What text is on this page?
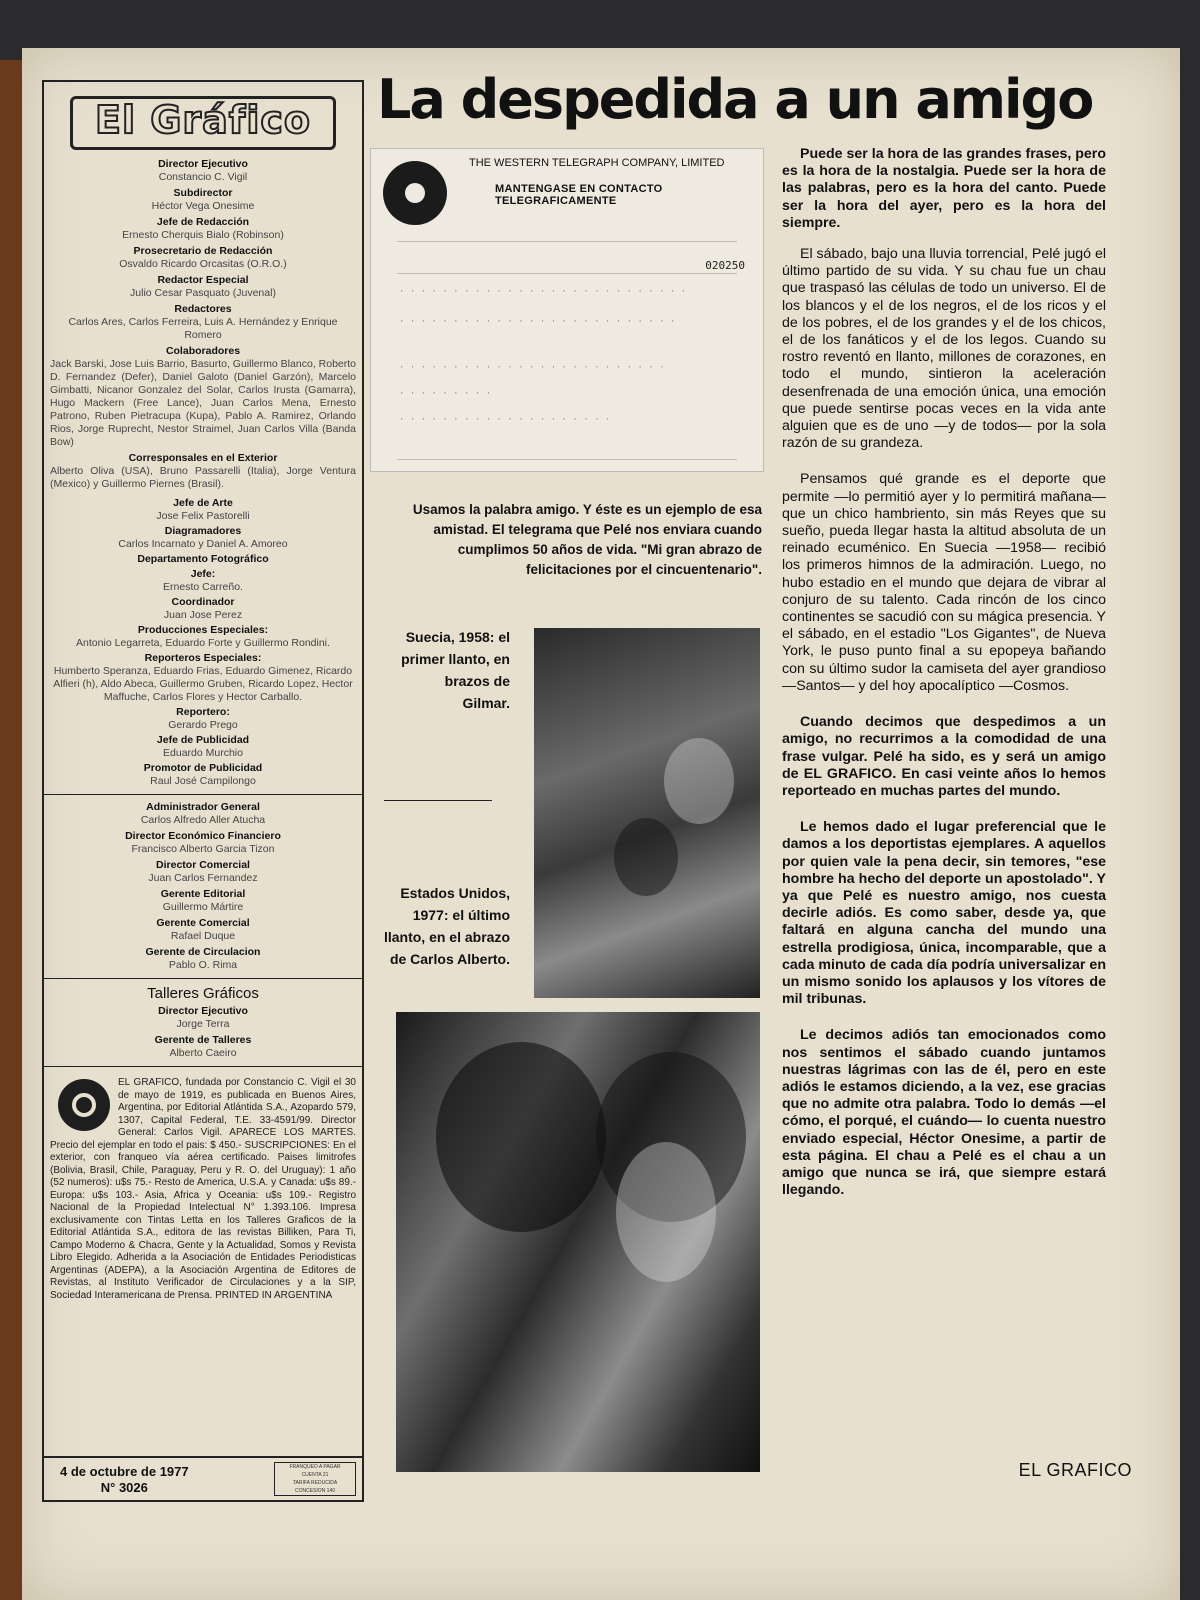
El Gráfico
Director Ejecutivo
Constancio C. Vigil
Subdirector
Héctor Vega Onesime
Jefe de Redacción
Ernesto Cherquis Bialo (Robinson)
Prosecretario de Redacción
Osvaldo Ricardo Orcasitas (O.R.O.)
Redactor Especial
Julio Cesar Pasquato (Juvenal)
Redactores
Carlos Ares, Carlos Ferreira, Luis A. Hernández y Enrique Romero
Colaboradores
Jack Barski, Jose Luis Barrio, Basurto, Guillermo Blanco, Roberto D. Fernandez (Defer), Daniel Galoto (Daniel Garzón), Marcelo Gimbatti, Nicanor Gonzalez del Solar, Carlos Irusta (Gamarra), Hugo Mackern (Free Lance), Juan Carlos Mena, Ernesto Patrono, Ruben Pietracupa (Kupa), Pablo A. Ramirez, Orlando Rios, Jorge Ruprecht, Nestor Straimel, Juan Carlos Villa (Banda Bow)
Corresponsales en el Exterior
Alberto Oliva (USA), Bruno Passarelli (Italia), Jorge Ventura (Mexico) y Guillermo Piernes (Brasil).
Jefe de Arte
Jose Felix Pastorelli
Diagramadores
Carlos Incarnato y Daniel A. Amoreo
Departamento Fotográfico
Jefe:
Ernesto Carreño.
Coordinador
Juan Jose Perez
Producciones Especiales:
Antonio Legarreta, Eduardo Forte y Guillermo Rondini.
Reporteros Especiales:
Humberto Speranza, Eduardo Frias, Eduardo Gimenez, Ricardo Alfieri (h), Aldo Abeca, Guillermo Gruben, Ricardo Lopez, Hector Maffuche, Carlos Flores y Hector Carballo.
Reportero:
Gerardo Prego
Jefe de Publicidad
Eduardo Murchio
Promotor de Publicidad
Raul José Campilongo
Administrador General
Carlos Alfredo Aller Atucha
Director Económico Financiero
Francisco Alberto Garcia Tizon
Director Comercial
Juan Carlos Fernandez
Gerente Editorial
Guillermo Mártire
Gerente Comercial
Rafael Duque
Gerente de Circulacion
Pablo O. Rima
Talleres Gráficos
Director Ejecutivo
Jorge Terra
Gerente de Talleres
Alberto Caeiro
EL GRAFICO, fundada por Constancio C. Vigil el 30 de mayo de 1919, es publicada en Buenos Aires, Argentina, por Editorial Atlántida S.A., Azopardo 579, 1307, Capital Federal, T.E. 33-4591/99. Director General: Carlos Vigil. APARECE LOS MARTES. Precio del ejemplar en todo el pais: $ 450.- SUSCRIPCIONES: En el exterior, con franqueo vía aérea certificado. Paises limitrofes (Bolivia, Brasil, Chile, Paraguay, Peru y R. O. del Uruguay): 1 año (52 numeros): u$s 75.- Resto de America, U.S.A. y Canada: u$s 89.- Europa: u$s 103.- Asia, Africa y Oceania: u$s 109.- Registro Nacional de la Propiedad Intelectual N° 1.393.106. Impresa exclusivamente con Tintas Letta en los Talleres Graficos de la Editorial Atlántida S.A., editora de las revistas Billiken, Para Ti, Campo Moderno & Chacra, Gente y la Actualidad, Somos y Revista Libro Elegido. Adherida a la Asociación de Entidades Periodisticas Argentinas (ADEPA), a la Asociación Argentina de Editores de Revistas, al Instituto Verificador de Circulaciones y a la SIP, Sociedad Interamericana de Prensa. PRINTED IN ARGENTINA
4 de octubre de 1977
N° 3026
FRANQUEO A PAGAR
CUENTA 21
TARIFA REDUCIDA
CONCESION 140
La despedida a un amigo
THE WESTERN TELEGRAPH COMPANY, LIMITED
MANTENGASE EN CONTACTO TELEGRAFICAMENTE
020250
· · · · · · · · · · · · · · · · · · · · · · · · · · ·
· · · · · · · · · · · · · · · · · · · · · · · · · ·
· · · · · · · · · · · · · · · · · · · · · · · · ·
· · · · · · · · ·
· · · · · · · · · · · · · · · · · · · ·
Usamos la palabra amigo. Y éste es un ejemplo de esa amistad. El telegrama que Pelé nos enviara cuando cumplimos 50 años de vida. "Mi gran abrazo de felicitaciones por el cincuentenario".
Suecia, 1958: el primer llanto, en brazos de Gilmar.
Estados Unidos, 1977: el último llanto, en el abrazo de Carlos Alberto.

Puede ser la hora de las grandes frases, pero es la hora de la nostalgia. Puede ser la hora de las palabras, pero es la hora del canto. Puede ser la hora del ayer, pero es la hora del siempre.

El sábado, bajo una lluvia torrencial, Pelé jugó el último partido de su vida. Y su chau fue un chau que traspasó las células de todo un universo. El de los blancos y el de los negros, el de los ricos y el de los pobres, el de los grandes y el de los chicos, el de los fanáticos y el de los legos. Cuando su rostro reventó en llanto, millones de corazones, en todo el mundo, sintieron la aceleración desenfrenada de una emoción única, una emoción que puede sentirse pocas veces en la vida ante alguien que es de uno —y de todos— por la sola razón de su grandeza.

Pensamos qué grande es el deporte que permite —lo permitió ayer y lo permitirá mañana— que un chico hambriento, sin más Reyes que su sueño, pueda llegar hasta la altitud absoluta de un reinado ecuménico. En Suecia —1958— recibió los primeros himnos de la admiración. Luego, no hubo estadio en el mundo que dejara de vibrar al conjuro de su talento. Cada rincón de los cinco continentes se sacudió con su mágica presencia. Y el sábado, en el estadio "Los Gigantes", de Nueva York, le puso punto final a su epopeya bañando con su último sudor la camiseta del ayer grandioso —Santos— y del hoy apocalíptico —Cosmos.

Cuando decimos que despedimos a un amigo, no recurrimos a la comodidad de una frase vulgar. Pelé ha sido, es y será un amigo de EL GRAFICO. En casi veinte años lo hemos reporteado en muchas partes del mundo.

Le hemos dado el lugar preferencial que le damos a los deportistas ejemplares. A aquellos por quien vale la pena decir, sin temores, "ese hombre ha hecho del deporte un apostolado". Y ya que Pelé es nuestro amigo, nos cuesta decirle adiós. Es como saber, desde ya, que faltará en alguna cancha del mundo una estrella prodigiosa, única, incomparable, que a cada minuto de cada día podría universalizar en un mismo sonido los aplausos y los vítores de mil tribunas.

Le decimos adiós tan emocionados como nos sentimos el sábado cuando juntamos nuestras lágrimas con las de él, pero en este adiós le estamos diciendo, a la vez, ese gracias que no admite otra palabra. Todo lo demás —el cómo, el porqué, el cuándo— lo cuenta nuestro enviado especial, Héctor Onesime, a partir de esta página. El chau a Pelé es el chau a un amigo que nunca se irá, que siempre estará llegando.

EL GRAFICO
